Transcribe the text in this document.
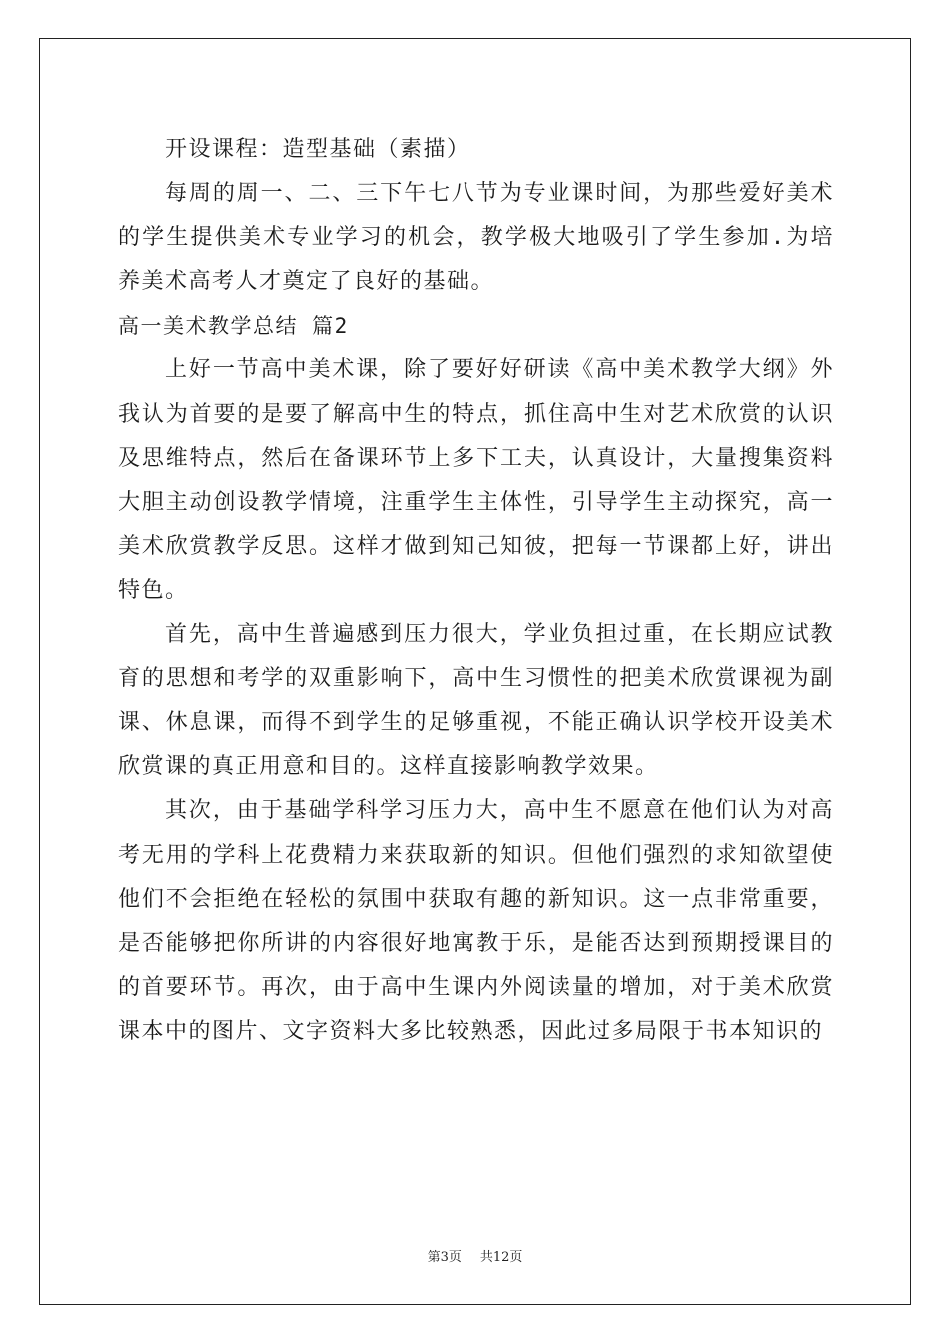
开设课程：造型基础（素描）

每周的周一、二、三下午七八节为专业课时间，为那些爱好美术的学生提供美术专业学习的机会，教学极大地吸引了学生参加.为培养美术高考人才奠定了良好的基础。

高一美术教学总结 篇2

上好一节高中美术课，除了要好好研读《高中美术教学大纲》外我认为首要的是要了解高中生的特点，抓住高中生对艺术欣赏的认识及思维特点，然后在备课环节上多下工夫，认真设计，大量搜集资料大胆主动创设教学情境，注重学生主体性，引导学生主动探究，高一美术欣赏教学反思。这样才做到知己知彼，把每一节课都上好，讲出特色。

首先，高中生普遍感到压力很大，学业负担过重，在长期应试教育的思想和考学的双重影响下，高中生习惯性的把美术欣赏课视为副课、休息课，而得不到学生的足够重视，不能正确认识学校开设美术欣赏课的真正用意和目的。这样直接影响教学效果。

其次，由于基础学科学习压力大，高中生不愿意在他们认为对高考无用的学科上花费精力来获取新的知识。但他们强烈的求知欲望使他们不会拒绝在轻松的氛围中获取有趣的新知识。这一点非常重要，是否能够把你所讲的内容很好地寓教于乐，是能否达到预期授课目的的首要环节。再次，由于高中生课内外阅读量的增加，对于美术欣赏课本中的图片、文字资料大多比较熟悉，因此过多局限于书本知识的

第3页 共12页
